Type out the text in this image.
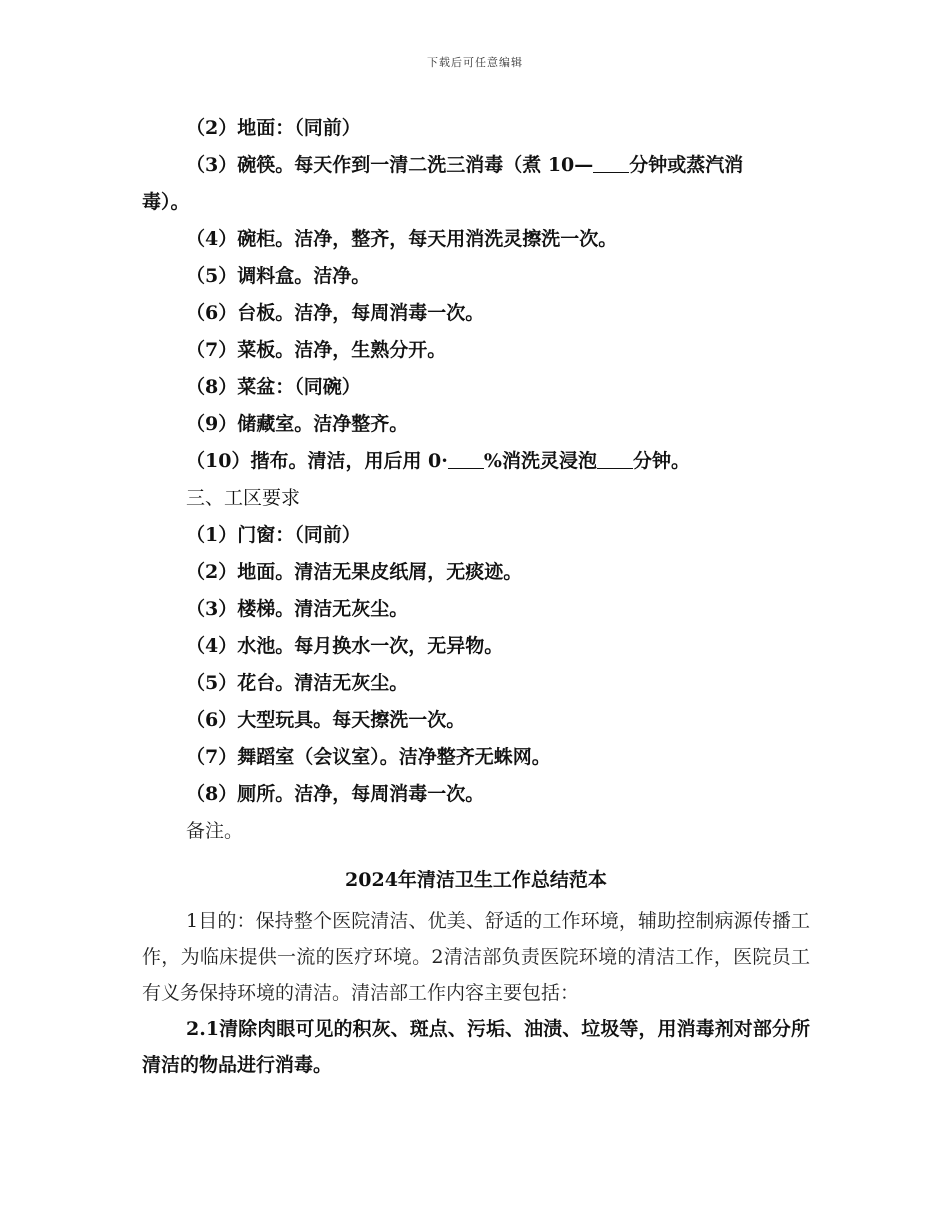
下载后可任意编辑
（2）地面：（同前）
（3）碗筷。每天作到一清二洗三消毒（煮 10— 分钟或蒸汽消
毒）。
（4）碗柜。洁净，整齐，每天用消洗灵擦洗一次。
（5）调料盒。洁净。
（6）台板。洁净，每周消毒一次。
（7）菜板。洁净，生熟分开。
（8）菜盆：（同碗）
（9）储藏室。洁净整齐。
（10）揩布。清洁，用后用 0· %消洗灵浸泡 分钟。
三、工区要求
（1）门窗：（同前）
（2）地面。清洁无果皮纸屑，无痰迹。
（3）楼梯。清洁无灰尘。
（4）水池。每月换水一次，无异物。
（5）花台。清洁无灰尘。
（6）大型玩具。每天擦洗一次。
（7）舞蹈室（会议室）。洁净整齐无蛛网。
（8）厕所。洁净，每周消毒一次。
备注。
2024年清洁卫生工作总结范本
1目的：保持整个医院清洁、优美、舒适的工作环境，辅助控制病源传播工作，为临床提供一流的医疗环境。2清洁部负责医院环境的清洁工作，医院员工有义务保持环境的清洁。清洁部工作内容主要包括：
2.1清除肉眼可见的积灰、斑点、污垢、油渍、垃圾等，用消毒剂对部分所清洁的物品进行消毒。
